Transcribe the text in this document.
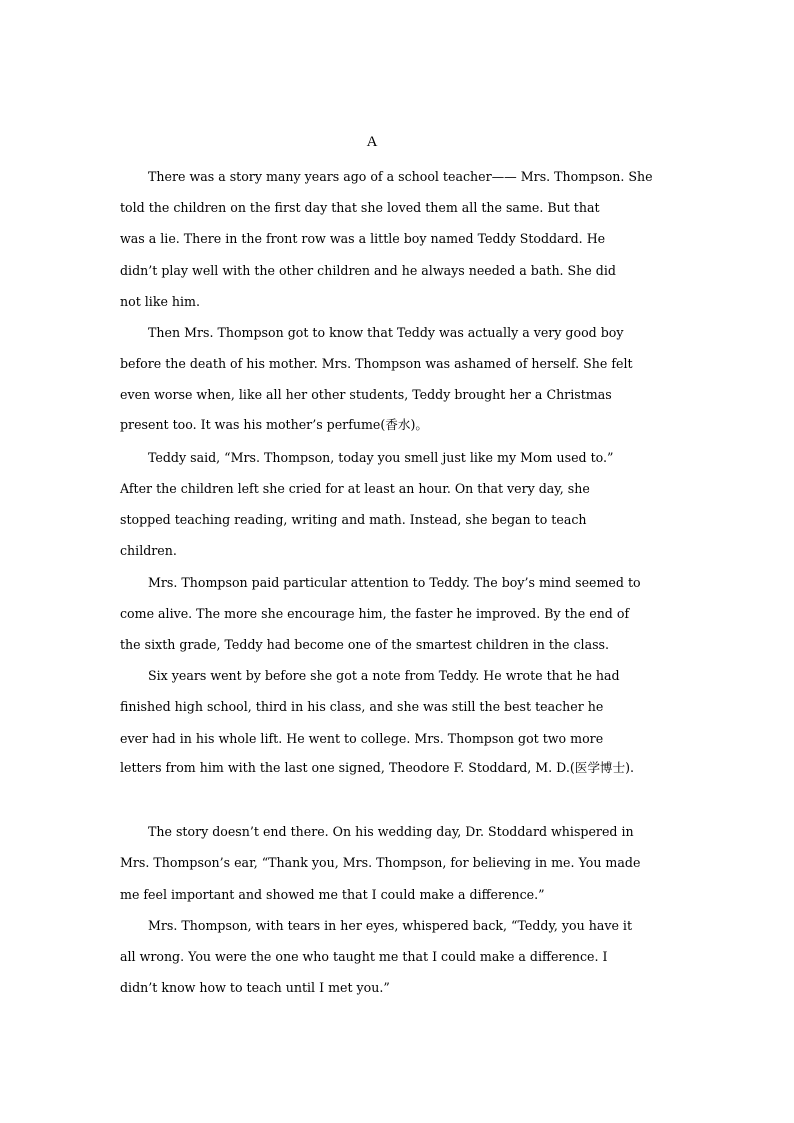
A
There was a story many years ago of a school teacher—— Mrs. Thompson. She
told the children on the first day that she loved them all the same. But that
was a lie. There in the front row was a little boy named Teddy Stoddard. He
didn’t play well with the other children and he always needed a bath. She did
not like him.
Then Mrs. Thompson got to know that Teddy was actually a very good boy
before the death of his mother. Mrs. Thompson was ashamed of herself. She felt
even worse when, like all her other students, Teddy brought her a Christmas
present too. It was his mother’s perfume(香水)。
Teddy said, “Mrs. Thompson, today you smell just like my Mom used to.”
After the children left she cried for at least an hour. On that very day, she
stopped teaching reading, writing and math. Instead, she began to teach
children.
Mrs. Thompson paid particular attention to Teddy. The boy’s mind seemed to
come alive. The more she encourage him, the faster he improved. By the end of
the sixth grade, Teddy had become one of the smartest children in the class.
Six years went by before she got a note from Teddy. He wrote that he had
finished high school, third in his class, and she was still the best teacher he
ever had in his whole lift. He went to college. Mrs. Thompson got two more
letters from him with the last one signed, Theodore F. Stoddard, M. D.(医学博士).
The story doesn’t end there. On his wedding day, Dr. Stoddard whispered in
Mrs. Thompson’s ear, “Thank you, Mrs. Thompson, for believing in me. You made
me feel important and showed me that I could make a difference.”
Mrs. Thompson, with tears in her eyes, whispered back, “Teddy, you have it
all wrong. You were the one who taught me that I could make a difference. I
didn’t know how to teach until I met you.”
